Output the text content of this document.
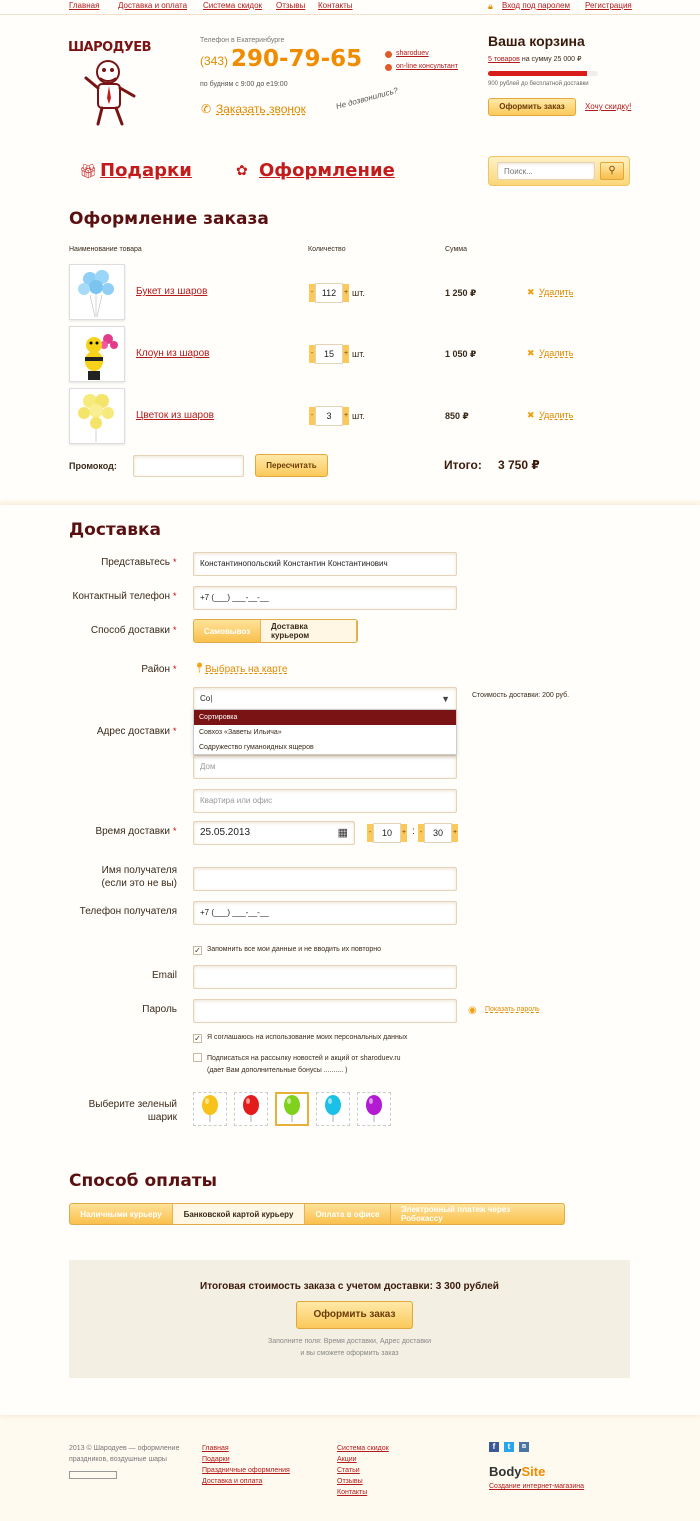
Главная Доставка и оплата Система скидок Отзывы Контакты	🔒︎ Вход под паролем Регистрация
ШАРОДУЕВ	Телефон в Екатеринбурге
(343) 290-79-65
по будням с 9:00 до е19:00
sharoduev
on-line консультант
✆ Заказать звонок	Не дозвонились?
Ваша корзина
5 товаров на сумму 25 000 ₽
900 рублей до бесплатной доставки
Оформить заказ	Хочу скидку!
🎁︎ Подарки	✿ Оформление
Поиск...	⚲
Оформление заказа
Наименование товара	Количество	Сумма
Букет из шаров	- 112	+ шт.	1 250 ₽	✖ Удалить
Клоун из шаров	-	15	+ шт.	1 050 ₽	✖ Удалить
Цветок из шаров	-	3	+ шт.	850 ₽	✖ Удалить
Промокод:	Пересчитать	Итого: 3 750 ₽
Доставка
Представьтесь *	Константинопольский Константин Константинович
Контактный телефон *	+7 (___) ___-__-__
Способ доставки *	Самовывоз	Доставка курьером
Район * 📍︎ Выбрать на карте
Со|	▼	Стоимость доставки: 200 руб.
Сортировка
Совхоз «Заветы Ильича»
Содружество гуманоидных ящеров
Адрес доставки *
Дом
Квартира или офис
Время доставки *	25.05.2013	▦	-	10	+ : -	30	+
Имя получателя
(если это не вы)
Телефон получателя	+7 (___) ___-__-__
✓ Запомнить все мои данные и не вводить их повторно
Email
Пароль	◉ Показать пароль
✓ Я соглашаюсь на использование моих персональных данных
Подписаться на рассылку новостей и акций от sharoduev.ru
(дает Вам дополнительные бонусы .......... )
Выберите зеленый
шарик
Способ оплаты
Наличными курьеру	Банковской картой курьеру	Оплата в офисе	Электронный платеж через Робокассу
Итоговая стоимость заказа с учетом доставки: 3 300 рублей
Оформить заказ
Заполните поля: Время доставки, Адрес доставки
и вы сможете оформить заказ
2013 © Шародуев — оформление
праздников, воздушные шары
Главная
Подарки
Праздничные оформления
Доставка и оплата
Система скидок
Акции
Статьи
Отзывы
Контакты
f	t	в
BodySite
Создание интернет-магазина
